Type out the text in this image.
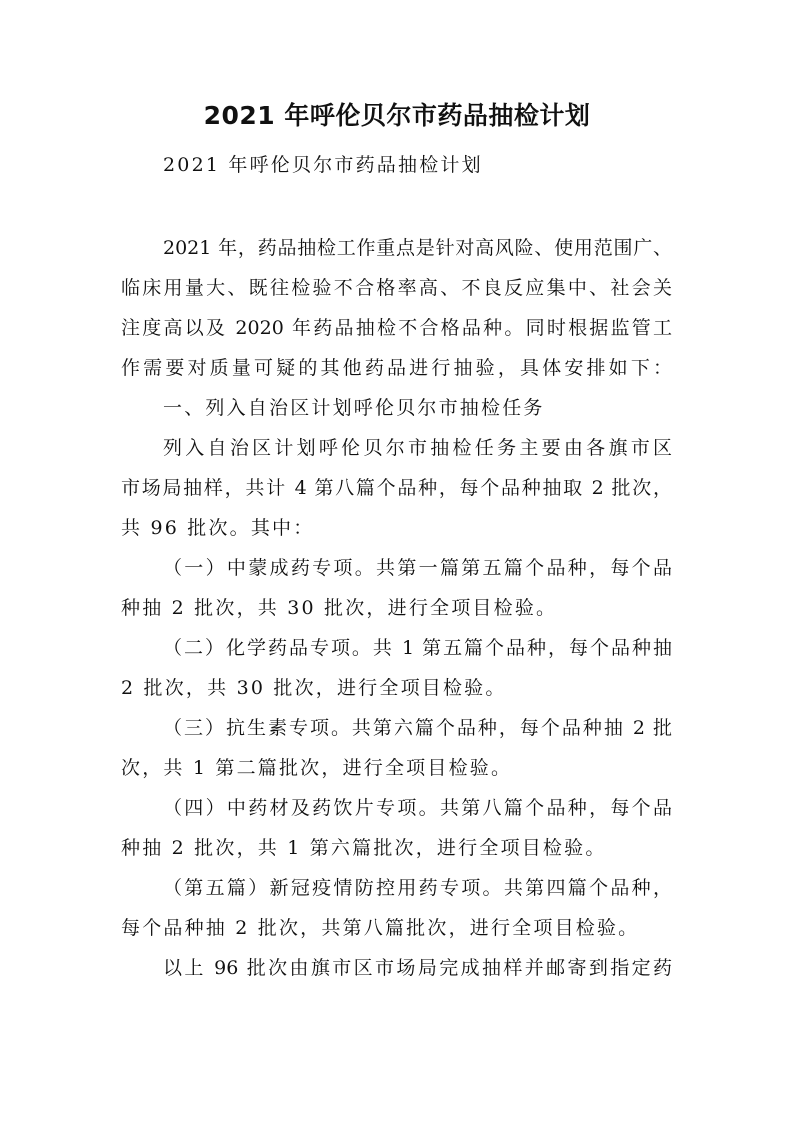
2021 年呼伦贝尔市药品抽检计划

2021 年呼伦贝尔市药品抽检计划

2021 年，药品抽检工作重点是针对高风险、使用范围广、
临床用量大、既往检验不合格率高、不良反应集中、社会关
注度高以及 2020 年药品抽检不合格品种。同时根据监管工
作需要对质量可疑的其他药品进行抽验，具体安排如下：
一、列入自治区计划呼伦贝尔市抽检任务
列入自治区计划呼伦贝尔市抽检任务主要由各旗市区
市场局抽样，共计 4 第八篇个品种，每个品种抽取 2 批次，
共 96 批次。其中：
（一）中蒙成药专项。共第一篇第五篇个品种，每个品
种抽 2 批次，共 30 批次，进行全项目检验。
（二）化学药品专项。共 1 第五篇个品种，每个品种抽
2 批次，共 30 批次，进行全项目检验。
（三）抗生素专项。共第六篇个品种，每个品种抽 2 批
次，共 1 第二篇批次，进行全项目检验。
（四）中药材及药饮片专项。共第八篇个品种，每个品
种抽 2 批次，共 1 第六篇批次，进行全项目检验。
（第五篇）新冠疫情防控用药专项。共第四篇个品种，
每个品种抽 2 批次，共第八篇批次，进行全项目检验。
以上 96 批次由旗市区市场局完成抽样并邮寄到指定药
